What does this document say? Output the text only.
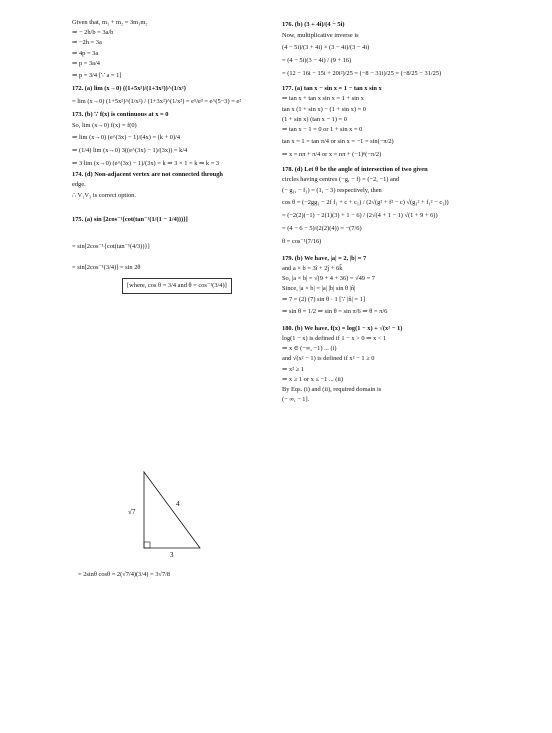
Given that, m₁ + m₂ = 3m₁m₂
⇒ − 2h/b = 3a/b
⇒ −2h = 3a
⇒ 4p = 3a
⇒ p = 3a/4
⇒ p = 3/4 [∵ a = 1]
172. (a) lim (x→0) ((1+5x²)/(1+3x²))^(1/x²)
= lim (x→0) (1+5x²)^(1/x²) / (1+3x²)^(1/x²) = e⁵/e³ = e^(5−3) = e²
173. (b) ∵ f(x) is continuous at x = 0
So, lim (x→0) f(x) = f(0)
⇒ lim (x→0) (e^(3x) − 1)/(4x) = (k + 0)/4
⇒ (1/4) lim (x→0) 3((e^(3x) − 1)/(3x)) = k/4
⇒ 3 lim (x→0) (e^(3x) − 1)/(3x) = k ⇒ 3 × 1 = k ⇒ k = 3
174. (d) Non-adjacent vertex are not connected through
edge.
∴ V₁V₃ is correct option.
175. (a) sin [2cos⁻¹{cot(tan⁻¹(1/(1 − 1/4)))}]
= sin[2cos⁻¹{cot(tan⁻¹(4/3))}]
= sin[2cos⁻¹(3/4)] = sin 2θ
[where, cos θ = 3/4 and θ = cos⁻¹(3/4)]
4
√7
3
= 2sinθ cosθ = 2(√7/4)(3/4) = 3√7/8
176. (b) (3 + 4i)/(4 − 5i)
Now, multiplicative inverse is
(4 − 5i)/(3 + 4i) × (3 − 4i)/(3 − 4i)
= (4 − 5i)(3 − 4i) / (9 + 16)
= (12 − 16i − 15i + 20i²)/25 = (−8 − 31i)/25 = (−8/25 − 31/25)
177. (a) tan x − sin x = 1 − tan x sin x
⇒ tan x + tan x sin x = 1 + sin x
tan x (1 + sin x) − (1 + sin x) = 0
(1 + sin x) (tan x − 1) = 0
⇒ tan x − 1 = 0 or 1 + sin x = 0
tan x = 1 = tan π/4 or sin x = −1 = sin(−π/2)
⇒ x = nπ + π/4 or x = nπ + (−1)ⁿ(−π/2)
178. (d) Let θ be the angle of intersection of two given
circles having centres (−g, − f) = (−2, −1) and
(− g₁, − f₁) = (1, − 3) respectively, then
cos θ = (−2gg₁ − 2f f₁ + c + c₁) / (2√(g² + f² − c) √(g₁² + f₁² − c₁))
= (−2(2)(−1) − 2(1)(3) + 1 − 6) / (2√(4 + 1 − 1) √(1 + 9 + 6))
= (4 − 6 − 5)/(2(2)(4)) = −(7/6)
θ = cos⁻¹(7/16)
179. (b) We have, |a| = 2, |b| = 7
and a × b = 3î + 2ĵ + 6k̂
So, |a × b| = √(9 + 4 + 36) = √49 = 7
Since, |a × b| = |a| |b| sin θ |n̂|
⇒ 7 = (2) (7) sin θ · 1 [∵ |n̂| = 1]
⇒ sin θ = 1/2 ⇒ sin θ = sin π/6 ⇒ θ = π/6
180. (b) We have, f(x) = log(1 − x) + √(x² − 1)
log(1 − x) is defined if 1 − x > 0 ⇒ x < 1
⇒ x ∈ (−∞, −1) ... (i)
and √(x² − 1) is defined if x² − 1 ≥ 0
⇒ x² ≥ 1
⇒ x ≥ 1 or x ≤ −1 ... (ii)
By Eqs. (i) and (ii), required domain is
(− ∞, − 1].
